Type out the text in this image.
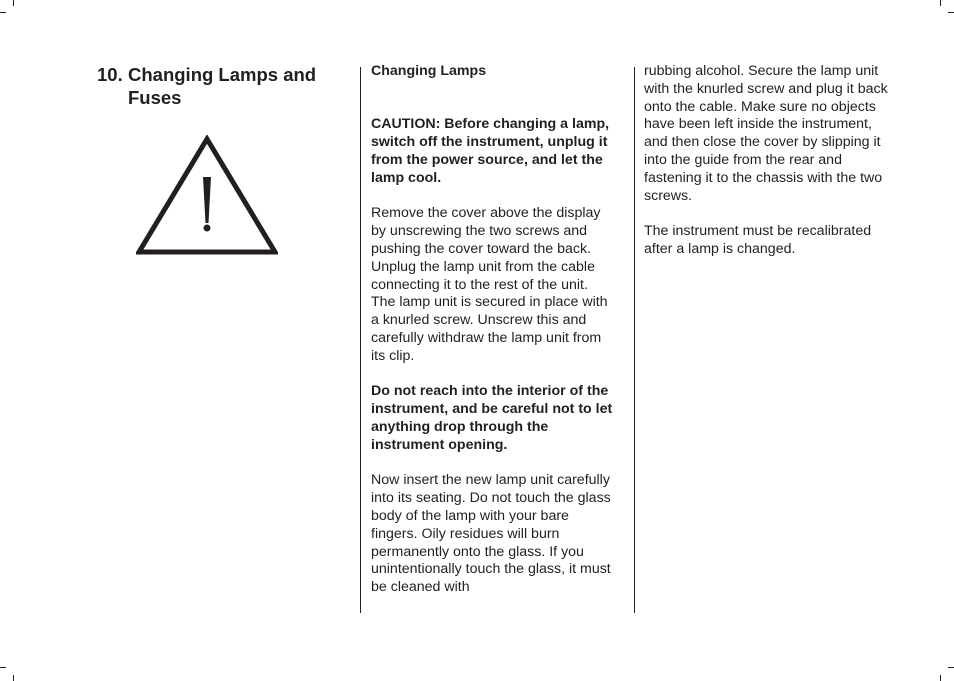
10. Changing Lamps and Fuses

Changing Lamps

CAUTION: Before changing a lamp, switch off the instrument, unplug it from the power source, and let the lamp cool.

Remove the cover above the display by unscrewing the two screws and pushing the cover toward the back.

Unplug the lamp unit from the cable connecting it to the rest of the unit. The lamp unit is secured in place with a knurled screw. Unscrew this and carefully withdraw the lamp unit from its clip.

Do not reach into the interior of the instrument, and be careful not to let anything drop through the instrument opening.

Now insert the new lamp unit carefully into its seating. Do not touch the glass body of the lamp with your bare fingers. Oily residues will burn permanently onto the glass. If you unintentionally touch the glass, it must be cleaned with

rubbing alcohol. Secure the lamp unit with the knurled screw and plug it back onto the cable. Make sure no objects have been left inside the instrument, and then close the cover by slipping it into the guide from the rear and fastening it to the chassis with the two screws.

The instrument must be recalibrated after a lamp is changed.
